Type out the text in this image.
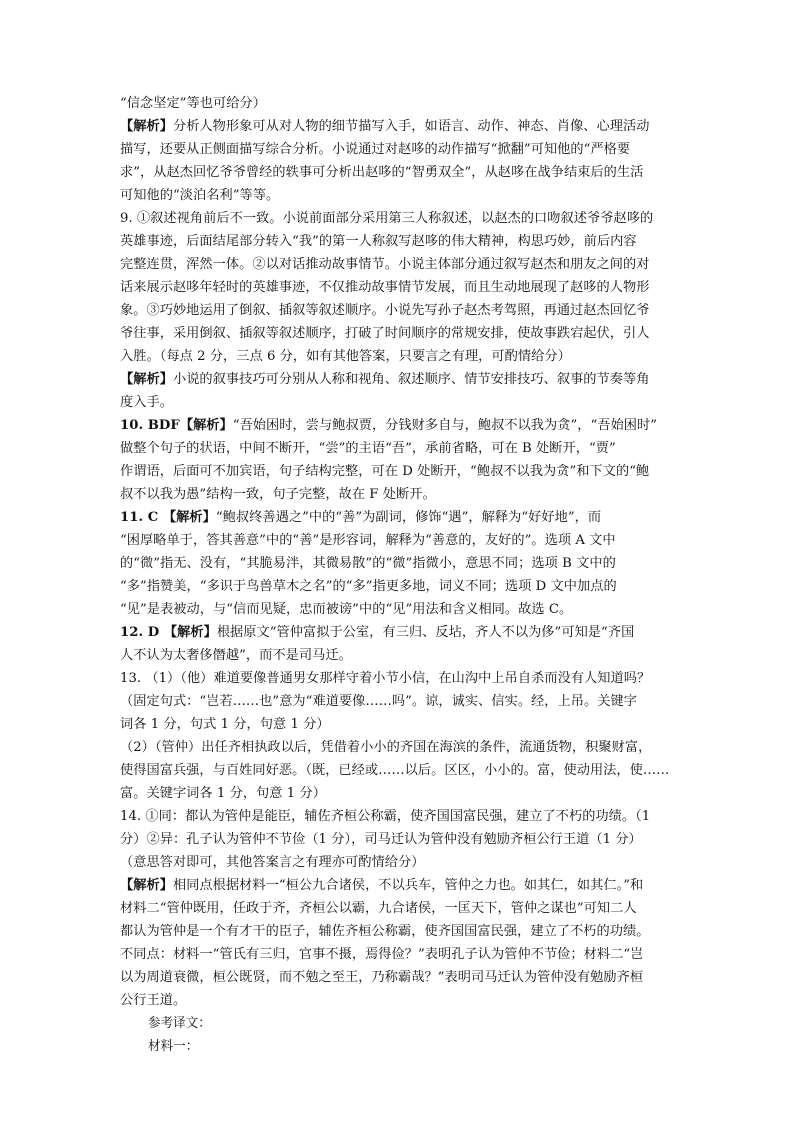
“信念坚定”等也可给分）
【解析】分析人物形象可从对人物的细节描写入手，如语言、动作、神态、肖像、心理活动
描写，还要从正侧面描写综合分析。小说通过对赵哆的动作描写“掀翻”可知他的“严格要
求”，从赵杰回忆爷爷曾经的轶事可分析出赵哆的“智勇双全”，从赵哆在战争结束后的生活
可知他的“淡泊名利”等等。
9. ①叙述视角前后不一致。小说前面部分采用第三人称叙述，以赵杰的口吻叙述爷爷赵哆的
英雄事迹，后面结尾部分转入“我”的第一人称叙写赵哆的伟大精神，构思巧妙，前后内容
完整连贯，浑然一体。②以对话推动故事情节。小说主体部分通过叙写赵杰和朋友之间的对
话来展示赵哆年轻时的英雄事迹，不仅推动故事情节发展，而且生动地展现了赵哆的人物形
象。③巧妙地运用了倒叙、插叙等叙述顺序。小说先写孙子赵杰考驾照，再通过赵杰回忆爷
爷往事，采用倒叙、插叙等叙述顺序，打破了时间顺序的常规安排，使故事跌宕起伏，引人
入胜。（每点 2 分，三点 6 分，如有其他答案，只要言之有理，可酌情给分）
【解析】小说的叙事技巧可分别从人称和视角、叙述顺序、情节安排技巧、叙事的节奏等角
度入手。
10. BDF【解析】“吾始困时，尝与鲍叔贾，分钱财多自与，鲍叔不以我为贪”，“吾始困时”
做整个句子的状语，中间不断开，“尝”的主语“吾”，承前省略，可在 B 处断开，“贾”
作谓语，后面可不加宾语，句子结构完整，可在 D 处断开，“鲍叔不以我为贪”和下文的“鲍
叔不以我为愚”结构一致，句子完整，故在 F 处断开。
11. C 【解析】“鲍叔终善遇之”中的“善”为副词，修饰“遇”，解释为“好好地”，而
“困厚略单于，答其善意”中的“善”是形容词，解释为“善意的，友好的”。选项 A 文中
的“微”指无、没有，“其脆易泮，其微易散”的“微”指微小，意思不同；选项 B 文中的
“多”指赞美，“多识于鸟兽草木之名”的“多”指更多地，词义不同；选项 D 文中加点的
“见”是表被动，与“信而见疑，忠而被谤”中的“见”用法和含义相同。故选 C。
12. D 【解析】根据原文“管仲富拟于公室，有三归、反坫，齐人不以为侈”可知是“齐国
人不认为太奢侈僭越”，而不是司马迁。
13. （1）（他）难道要像普通男女那样守着小节小信，在山沟中上吊自杀而没有人知道吗？
（固定句式：“岂若……也”意为“难道要像……吗”。谅，诚实、信实。经，上吊。关键字
词各 1 分，句式 1 分，句意 1 分）
（2）（管仲）出任齐相执政以后，凭借着小小的齐国在海滨的条件，流通货物，积聚财富，
使得国富兵强，与百姓同好恶。（既，已经或……以后。区区，小小的。富，使动用法，使……
富。关键字词各 1 分，句意 1 分）
14. ①同：都认为管仲是能臣，辅佐齐桓公称霸，使齐国国富民强，建立了不朽的功绩。（1
分）②异：孔子认为管仲不节俭（1 分），司马迁认为管仲没有勉励齐桓公行王道（1 分）
（意思答对即可，其他答案言之有理亦可酌情给分）
【解析】相同点根据材料一“桓公九合诸侯，不以兵车，管仲之力也。如其仁，如其仁。”和
材料二“管仲既用，任政于齐，齐桓公以霸，九合诸侯，一匡天下，管仲之谋也”可知二人
都认为管仲是一个有才干的臣子，辅佐齐桓公称霸，使齐国国富民强，建立了不朽的功绩。
不同点：材料一“管氏有三归，官事不摄，焉得俭？”表明孔子认为管仲不节俭；材料二“岂
以为周道衰微，桓公既贤，而不勉之至王，乃称霸哉？”表明司马迁认为管仲没有勉励齐桓
公行王道。
参考译文：
材料一：
